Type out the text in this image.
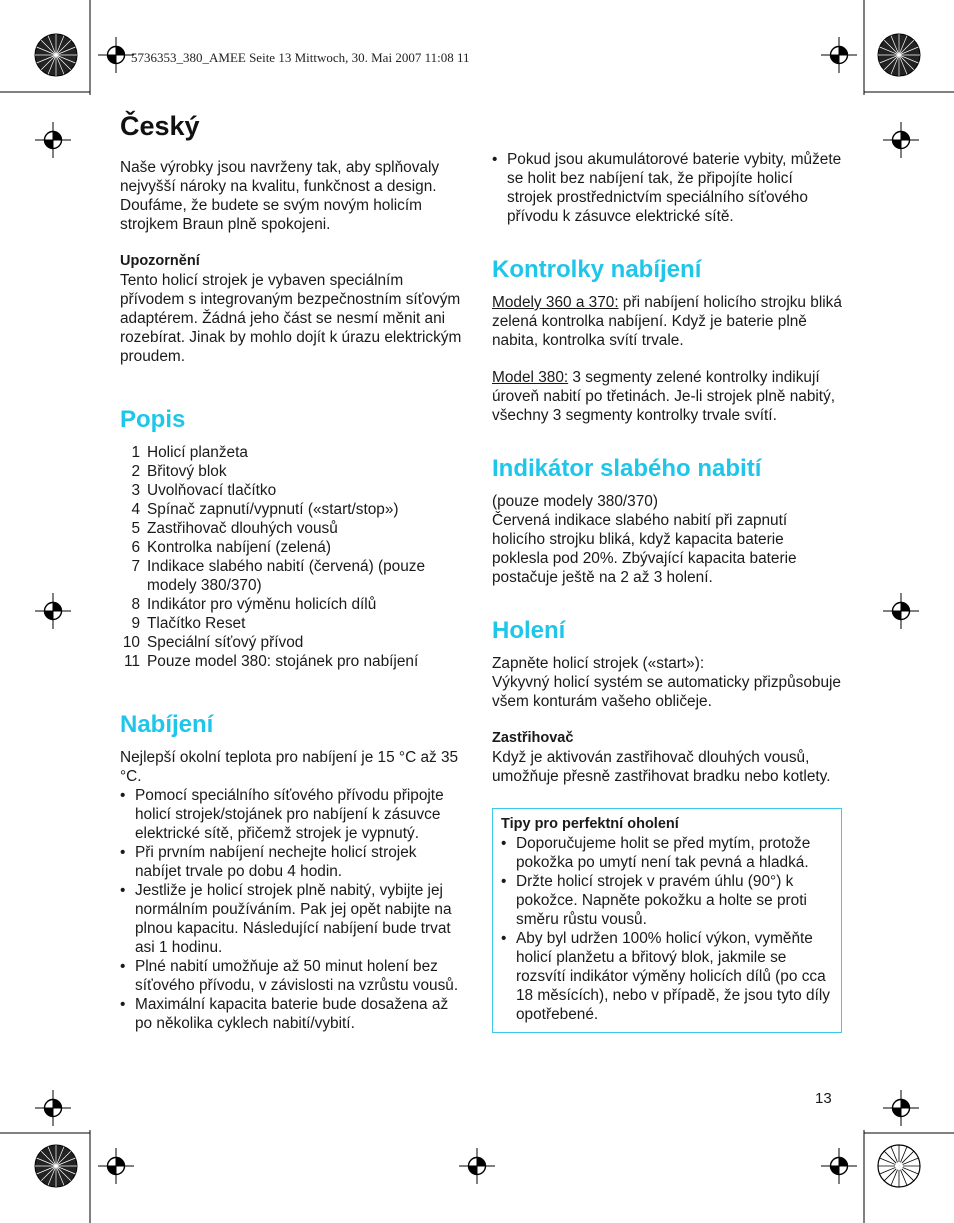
5736353_380_AMEE Seite 13 Mittwoch, 30. Mai 2007 11:08 11
Český

Naše výrobky jsou navrženy tak, aby splňovaly nejvyšší nároky na kvalitu, funkčnost a design. Doufáme, že budete se svým novým holicím strojkem Braun plně spokojeni.

Upozornění

Tento holicí strojek je vybaven speciálním přívodem s integrovaným bezpečnostním síťovým adaptérem. Žádná jeho část se nesmí měnit ani rozebírat. Jinak by mohlo dojít k úrazu elektrickým proudem.

Popis
1 Holicí planžeta
2 Břitový blok
3 Uvolňovací tlačítko
4 Spínač zapnutí/vypnutí («start/stop»)
5 Zastřihovač dlouhých vousů
6 Kontrolka nabíjení (zelená)
7 Indikace slabého nabití (červená) (pouze modely 380/370)
8 Indikátor pro výměnu holicích dílů
9 Tlačítko Reset
10 Speciální síťový přívod
11 Pouze model 380: stojánek pro nabíjení
Nabíjení

Nejlepší okolní teplota pro nabíjení je 15 °C až 35 °C.

• Pomocí speciálního síťového přívodu připojte holicí strojek/stojánek pro nabíjení k zásuvce elektrické sítě, přičemž strojek je vypnutý.
• Při prvním nabíjení nechejte holicí strojek nabíjet trvale po dobu 4 hodin.
• Jestliže je holicí strojek plně nabitý, vybijte jej normálním používáním. Pak jej opět nabijte na plnou kapacitu. Následující nabíjení bude trvat asi 1 hodinu.
• Plné nabití umožňuje až 50 minut holení bez síťového přívodu, v závislosti na vzrůstu vousů.
• Maximální kapacita baterie bude dosažena až po několika cyklech nabití/vybití.
• Pokud jsou akumulátorové baterie vybity, můžete se holit bez nabíjení tak, že připojíte holicí strojek prostřednictvím speciálního síťového přívodu k zásuvce elektrické sítě.
Kontrolky nabíjení

Modely 360 a 370: při nabíjení holicího strojku bliká zelená kontrolka nabíjení. Když je baterie plně nabita, kontrolka svítí trvale.

Model 380: 3 segmenty zelené kontrolky indikují úroveň nabití po třetinách. Je-li strojek plně nabitý, všechny 3 segmenty kontrolky trvale svítí.

Indikátor slabého nabití

(pouze modely 380/370)

Červená indikace slabého nabití při zapnutí holicího strojku bliká, když kapacita baterie poklesla pod 20%. Zbývající kapacita baterie postačuje ještě na 2 až 3 holení.

Holení

Zapněte holicí strojek («start»):

Výkyvný holicí systém se automaticky přizpůsobuje všem konturám vašeho obličeje.

Zastřihovač

Když je aktivován zastřihovač dlouhých vousů, umožňuje přesně zastřihovat bradku nebo kotlety.

Tipy pro perfektní oholení
• Doporučujeme holit se před mytím, protože pokožka po umytí není tak pevná a hladká.
• Držte holicí strojek v pravém úhlu (90°) k pokožce. Napněte pokožku a holte se proti směru růstu vousů.
• Aby byl udržen 100% holicí výkon, vyměňte holicí planžetu a břitový blok, jakmile se rozsvítí indikátor výměny holicích dílů (po cca 18 měsících), nebo v případě, že jsou tyto díly opotřebené.
13
